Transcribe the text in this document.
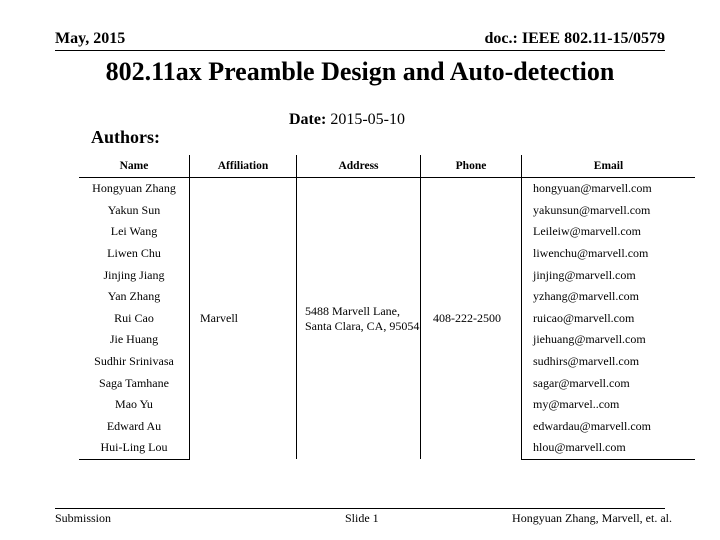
May, 2015	doc.: IEEE 802.11-15/0579
802.11ax Preamble Design and Auto-detection
Date: 2015-05-10
Authors:
Name	Affiliation	Address	Phone	Email
Hongyuan Zhang	Marvell	5488 Marvell Lane, Santa Clara, CA, 95054	408-222-2500	hongyuan@marvell.com
Yakun Sun				yakunsun@marvell.com
Lei Wang				Leileiw@marvell.com
Liwen Chu				liwenchu@marvell.com
Jinjing Jiang				jinjing@marvell.com
Yan Zhang				yzhang@marvell.com
Rui Cao				ruicao@marvell.com
Jie Huang				jiehuang@marvell.com
Sudhir Srinivasa				sudhirs@marvell.com
Saga Tamhane				sagar@marvell.com
Mao Yu				my@marvel..com
Edward Au				edwardau@marvell.com
Hui-Ling Lou				hlou@marvell.com
Submission	Slide 1	Hongyuan Zhang, Marvell, et. al.
